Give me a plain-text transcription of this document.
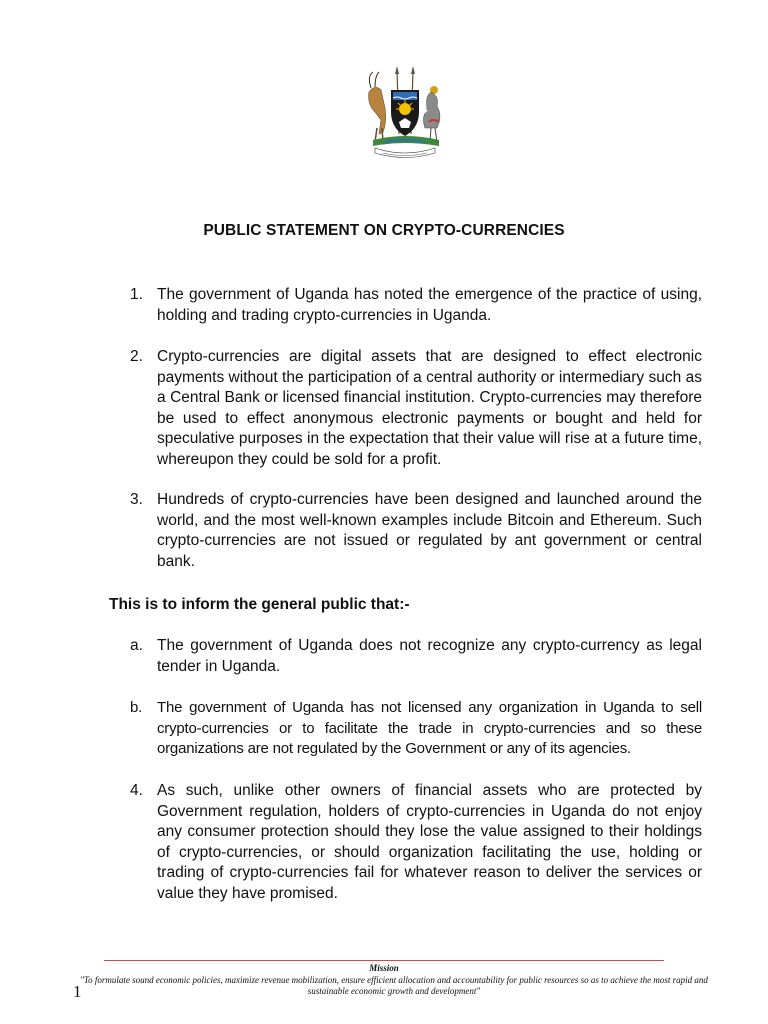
PUBLIC STATEMENT ON CRYPTO-CURRENCIES
1. The government of Uganda has noted the emergence of the practice of using, holding and trading crypto-currencies in Uganda.
2. Crypto-currencies are digital assets that are designed to effect electronic payments without the participation of a central authority or intermediary such as a Central Bank or licensed financial institution. Crypto-currencies may therefore be used to effect anonymous electronic payments or bought and held for speculative purposes in the expectation that their value will rise at a future time, whereupon they could be sold for a profit.
3. Hundreds of crypto-currencies have been designed and launched around the world, and the most well-known examples include Bitcoin and Ethereum. Such crypto-currencies are not issued or regulated by ant government or central bank.
This is to inform the general public that:-
a. The government of Uganda does not recognize any crypto-currency as legal tender in Uganda.
b. The government of Uganda has not licensed any organization in Uganda to sell crypto-currencies or to facilitate the trade in crypto-currencies and so these organizations are not regulated by the Government or any of its agencies.
4. As such, unlike other owners of financial assets who are protected by Government regulation, holders of crypto-currencies in Uganda do not enjoy any consumer protection should they lose the value assigned to their holdings of crypto-currencies, or should organization facilitating the use, holding or trading of crypto-currencies fail for whatever reason to deliver the services or value they have promised.
Mission
"To formulate sound economic policies, maximize revenue mobilization, ensure efficient allocation and accountability for public resources so as to achieve the most rapid and sustainable economic growth and development"
1
